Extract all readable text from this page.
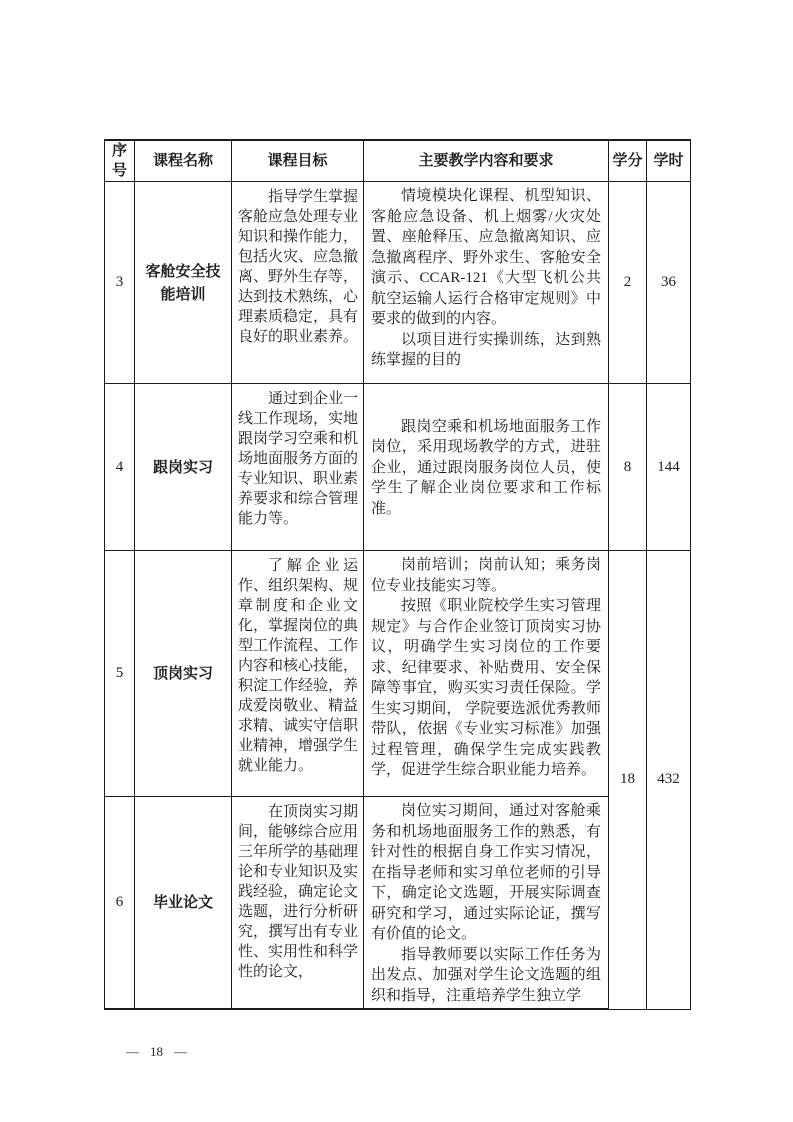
序号	课程名称	课程目标	主要教学内容和要求	学分	学时
3	客舱安全技能培训	指导学生掌握客舱应急处理专业知识和操作能力，包括火灾、应急撤离、野外生存等，达到技术熟练，心理素质稳定，具有良好的职业素养。	情境模块化课程、机型知识、客舱应急设备、机上烟雾/火灾处置、座舱释压、应急撤离知识、应急撤离程序、野外求生、客舱安全演示、CCAR-121《大型飞机公共航空运输人运行合格审定规则》中要求的做到的内容。

以项目进行实操训练，达到熟练掌握的目的	2	36
4	跟岗实习	通过到企业一线工作现场，实地跟岗学习空乘和机场地面服务方面的专业知识、职业素养要求和综合管理能力等。	跟岗空乘和机场地面服务工作岗位，采用现场教学的方式，进驻企业，通过跟岗服务岗位人员，使学生了解企业岗位要求和工作标准。	8	144
5	顶岗实习	了解企业运作、组织架构、规章制度和企业文化，掌握岗位的典型工作流程、工作内容和核心技能，积淀工作经验，养成爱岗敬业、精益求精、诚实守信职业精神，增强学生就业能力。	岗前培训；岗前认知；乘务岗位专业技能实习等。

按照《职业院校学生实习管理规定》与合作企业签订顶岗实习协议，明确学生实习岗位的工作要求、纪律要求、补贴费用、安全保障等事宜，购买实习责任保险。学生实习期间， 学院要选派优秀教师带队，依据《专业实习标准》加强过程管理，确保学生完成实践教学，促进学生综合职业能力培养。	18	432
6	毕业论文	在顶岗实习期间，能够综合应用三年所学的基础理论和专业知识及实践经验，确定论文选题，进行分析研究，撰写出有专业性、实用性和科学性的论文，	岗位实习期间，通过对客舱乘务和机场地面服务工作的熟悉，有针对性的根据自身工作实习情况，在指导老师和实习单位老师的引导下，确定论文选题，开展实际调查研究和学习，通过实际论证，撰写有价值的论文。

指导教师要以实际工作任务为出发点、加强对学生论文选题的组织和指导，注重培养学生独立学		

— 18 —
